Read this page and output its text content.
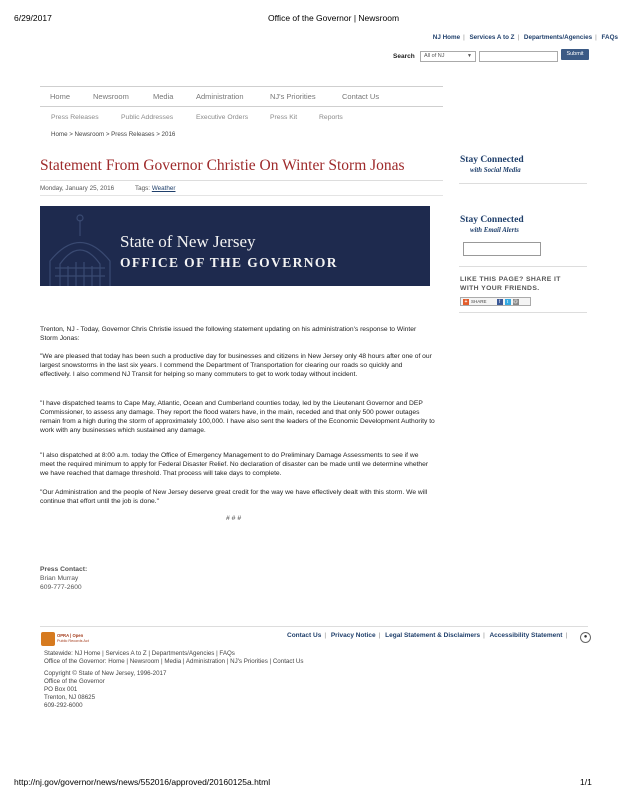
6/29/2017	Office of the Governor | Newsroom
NJ Home | Services A to Z | Departments/Agencies | FAQs
Search	All of NJ	▼	Submit
Home	Newsroom	Media	Administration	NJ's Priorities	Contact Us
Press Releases	Public Addresses	Executive Orders	Press Kit	Reports
Home > Newsroom > Press Releases > 2016
Statement From Governor Christie On Winter Storm Jonas
Monday, January 25, 2016	Tags: Weather
State of New Jersey
OFFICE OF THE GOVERNOR

Trenton, NJ - Today, Governor Chris Christie issued the following statement updating on his administration's response to Winter Storm Jonas:

"We are pleased that today has been such a productive day for businesses and citizens in New Jersey only 48 hours after one of our largest snowstorms in the last six years. I commend the Department of Transportation for clearing our roads so quickly and effectively. I also commend NJ Transit for helping so many commuters to get to work today without incident.

"I have dispatched teams to Cape May, Atlantic, Ocean and Cumberland counties today, led by the Lieutenant Governor and DEP Commissioner, to assess any damage. They report the flood waters have, in the main, receded and that only 500 power outages remain from a high during the storm of approximately 100,000. I have also sent the leaders of the Economic Development Authority to work with any businesses which sustained any damage.

"I also dispatched at 8:00 a.m. today the Office of Emergency Management to do Preliminary Damage Assessments to see if we meet the required minimum to apply for Federal Disaster Relief. No declaration of disaster can be made until we determine whether we have reached that damage threshold. That process will take days to complete.

"Our Administration and the people of New Jersey deserve great credit for the way we have effectively dealt with this storm. We will continue that effort until the job is done."

# # #
Press Contact:
Brian Murray
609-777-2600
Stay Connected
with Social Media
Stay Connected
with Email Alerts
LIKE THIS PAGE? SHARE IT WITH YOUR FRIENDS.
+ SHARE	f	t	@
OPRA | Open
Public Records Act
Contact Us | Privacy Notice | Legal Statement & Disclaimers | Accessibility Statement |	●
Statewide: NJ Home | Services A to Z | Departments/Agencies | FAQs
Office of the Governor: Home | Newsroom | Media | Administration | NJ's Priorities | Contact Us
Copyright © State of New Jersey, 1996-2017
Office of the Governor
PO Box 001
Trenton, NJ 08625
609-292-6000
http://nj.gov/governor/news/news/552016/approved/20160125a.html	1/1
